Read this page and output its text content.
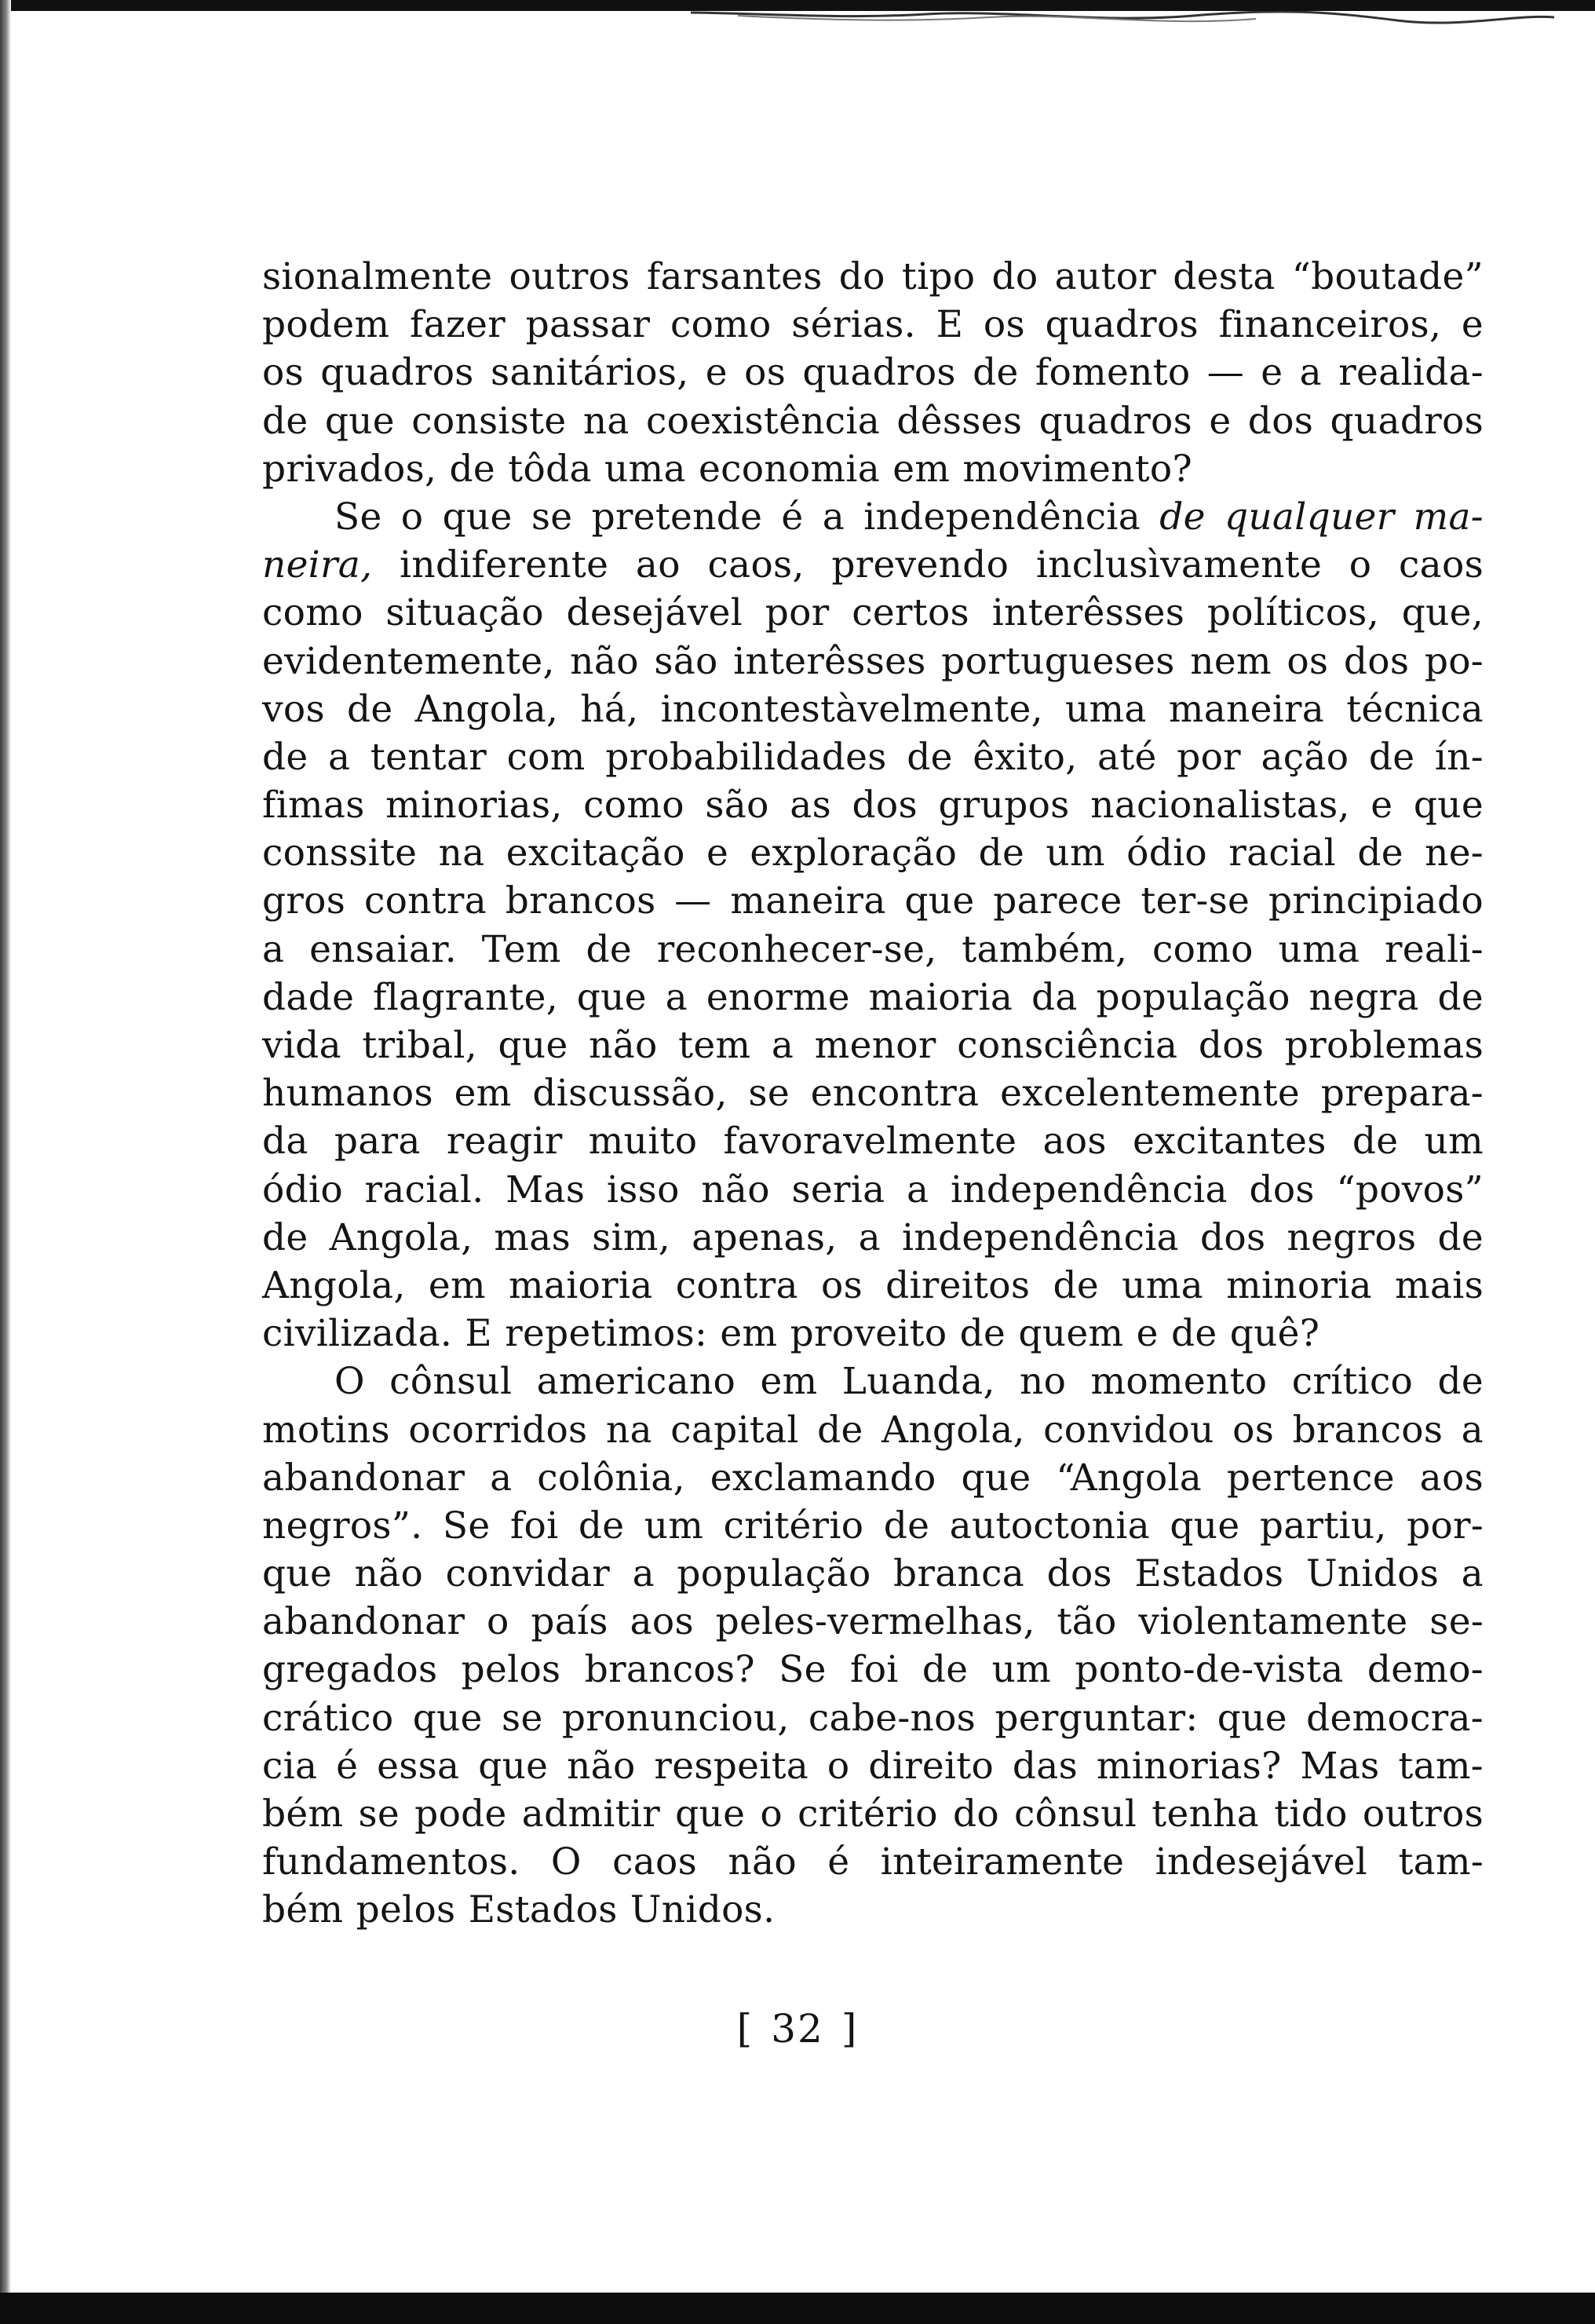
sionalmente outros farsantes do tipo do autor desta “boutade”
podem fazer passar como sérias. E os quadros financeiros, e
os quadros sanitários, e os quadros de fomento — e a realida-
de que consiste na coexistência dêsses quadros e dos quadros
privados, de tôda uma economia em movimento?
Se o que se pretende é a independência de qualquer ma-
neira, indiferente ao caos, prevendo inclusìvamente o caos
como situação desejável por certos interêsses políticos, que,
evidentemente, não são interêsses portugueses nem os dos po-
vos de Angola, há, incontestàvelmente, uma maneira técnica
de a tentar com probabilidades de êxito, até por ação de ín-
fimas minorias, como são as dos grupos nacionalistas, e que
conssite na excitação e exploração de um ódio racial de ne-
gros contra brancos — maneira que parece ter-se principiado
a ensaiar. Tem de reconhecer-se, também, como uma reali-
dade flagrante, que a enorme maioria da população negra de
vida tribal, que não tem a menor consciência dos problemas
humanos em discussão, se encontra excelentemente prepara-
da para reagir muito favoravelmente aos excitantes de um
ódio racial. Mas isso não seria a independência dos “povos”
de Angola, mas sim, apenas, a independência dos negros de
Angola, em maioria contra os direitos de uma minoria mais
civilizada. E repetimos: em proveito de quem e de quê?
O cônsul americano em Luanda, no momento crítico de
motins ocorridos na capital de Angola, convidou os brancos a
abandonar a colônia, exclamando que “Angola pertence aos
negros”. Se foi de um critério de autoctonia que partiu, por-
que não convidar a população branca dos Estados Unidos a
abandonar o país aos peles-vermelhas, tão violentamente se-
gregados pelos brancos? Se foi de um ponto-de-vista demo-
crático que se pronunciou, cabe-nos perguntar: que democra-
cia é essa que não respeita o direito das minorias? Mas tam-
bém se pode admitir que o critério do cônsul tenha tido outros
fundamentos. O caos não é inteiramente indesejável tam-
bém pelos Estados Unidos.
[ 32 ]
